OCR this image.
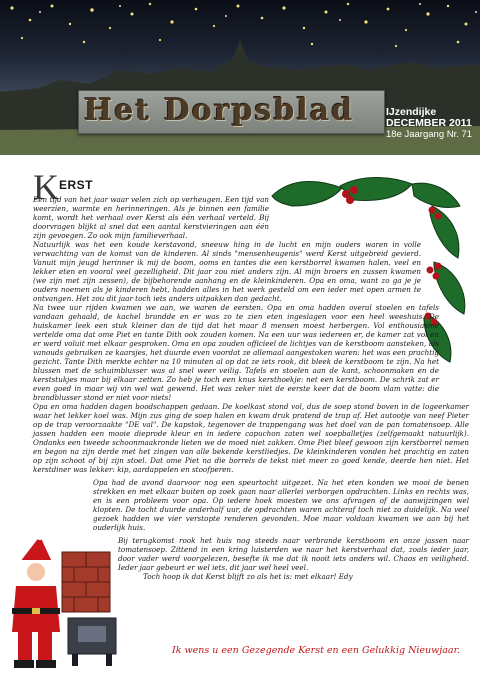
Het Dorpsblad	IJzendijke
DECEMBER 2011
18e Jaargang Nr. 71
K ERST

Een tijd van het jaar waar velen zich op verheugen. Een tijd van weerzien, warmte en herinneringen. Als je binnen een familie komt, wordt het verhaal over Kerst als één verhaal verteld. Bij doorvragen blijkt al snel dat een aantal kerstvieringen aan één zijn gevoegen. Zo ook mijn familieverhaal.

Natuurlijk was het een koude kerstavond, sneeuw hing in de lucht en mijn ouders waren in volle verwachting van de komst van de kinderen. Al sinds "mensenheugenis" werd Kerst uitgebreid gevierd. Vanuit mijn jeugd herinner ik mij de boom, ooms en tantes die een kerstborrel kwamen halen, veel en lekker eten en vooral veel gezelligheid. Dit jaar zou niet anders zijn. Al mijn broers en zussen kwamen (we zijn met zijn zessen), de bijbehorende aanhang en de kleinkinderen. Opa en oma, want zo ga je je ouders noemen als je kinderen hebt, hadden alles in het werk gesteld om een ieder met open armen te ontvangen. Het zou dit jaar toch iets anders uitpakken dan gedacht.

Na twee uur rijden kwamen we aan, we waren de eersten. Opa en oma hadden overal stoelen en tafels vandaan gehaald, de kachel brandde en er was zo te zien eten ingeslagen voor een heel weeshuis. De huiskamer leek een stuk kleiner dan de tijd dat het maar 8 mensen moest herbergen. Vol enthousiasme vertelde oma dat ome Piet en tante Dith ook zouden komen. Na een uur was iedereen er, de kamer zat vol en er werd voluit met elkaar gesproken. Oma en opa zouden officieel de lichtjes van de kerstboom aansteken, als vanouds gebruiken ze kaarsjes, het duurde even voordat ze allemaal aangestoken waren: het was een prachtig gezicht. Tante Dith merkte echter na 10 minuten al op dat ze iets rook, dit bleek de kerstboom te zijn. Na het blussen met de schuimblusser was al snel weer veilig. Tafels en stoelen aan de kant, schoonmaken en de kerststukjes maar bij elkaar zetten. Zo heb je toch een knus kersthoekje: net een kerstboom. De schrik zat er even goed in maar wij vin wel wat gewend. Het was zeker niet de eerste keer dat de boom vlam vatte: die brandblusser stond er niet voor niets!

Opa en oma hadden dagen boodschappen gedaan. De koelkast stond vol, dus de soep stond boven in de logeerkamer waar het lekker koel was. Mijn zus ging de soep halen en kwam druk pratend de trap af. Het autootje van neef Pieter op de trap veroorzaakte "DE val". De kapstok, tegenover de trappengang was het doel van de pan tomatensoep. Alle jassen hadden een mooie dieprode kleur en in iedere capuchon zaten wel soepballetjes (zelfgemaakt natuurlijk). Ondanks een tweede schoonmaakronde lieten we de moed niet zakken. Ome Piet bleef gewoon zijn kerstborrel nemen en begon na zijn derde met het zingen van alle bekende kerstliedjes. De kleinkinderen vonden het prachtig en zaten op zijn schoot of bij zijn stoel. Dat ome Piet na die borrels de tekst niet meer zo goed kende, deerde hen niet. Het kerstdiner was lekker: kip, aardappelen en stoofperen.

Opa had de avond daarvoor nog een speurtocht uitgezet. Na het eten konden we mooi de benen strekken en met elkaar buiten op zoek gaan naar allerlei verborgen opdrachten. Links en rechts was, en is een probleem voor opa. Op iedere hoek moesten we ons afvragen of de aanwijzingen wel klopten. De tocht duurde anderhalf uur, de opdrachten waren achteraf toch niet zo duidelijk. Na veel gezoek hadden we vier verstopte renderen gevonden. Moe maar voldaan kwamen we aan bij het ouderlijk huis.

Bij terugkomst rook het huis nog steeds naar verbrande kerstboom en onze jassen naar tomatensoep. Zittend in een kring luisterden we naar het kerstverhaal dat, zoals ieder jaar, door vader werd voorgelezen, besefte ik me dat ik nooit iets anders wil. Chaos en veiligheid. Ieder jaar gebeurt er wel iets, dit jaar wel heel veel.

Toch hoop ik dat Kerst blijft zo als het is: met elkaar! Edy

Ik wens u een Gezegende Kerst en een Gelukkig Nieuwjaar.
